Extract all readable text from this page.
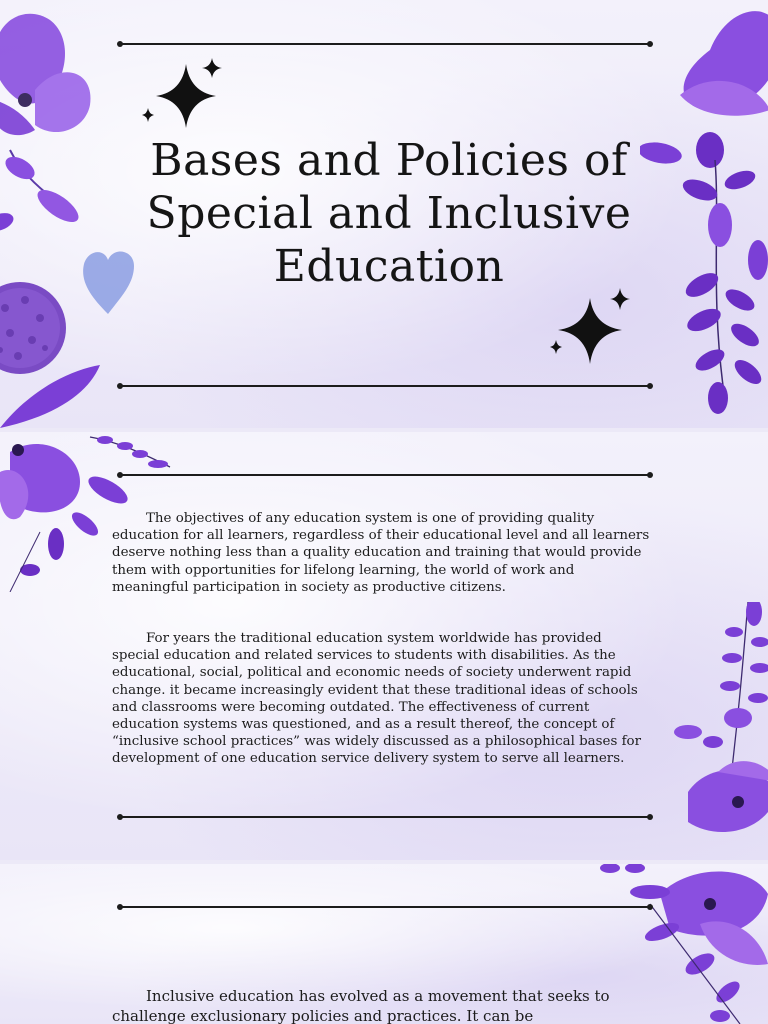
Bases and Policies of Special and Inclusive Education

The objectives of any education system is one of providing quality education for all learners, regardless of their educational level and all learners deserve nothing less than a quality education and training that would provide them with opportunities for lifelong learning, the world of work and meaningful participation in society as productive citizens.

For years the traditional education system worldwide has provided special education and related services to students with disabilities. As the educational, social, political and economic needs of society underwent rapid change. it became increasingly evident that these traditional ideas of schools and classrooms were becoming outdated. The effectiveness of current education systems was questioned, and as a result thereof, the concept of “inclusive school practices” was widely discussed as a philosophical bases for development of one education service delivery system to serve all learners.

Inclusive education has evolved as a movement that seeks to challenge exclusionary policies and practices. It can be
